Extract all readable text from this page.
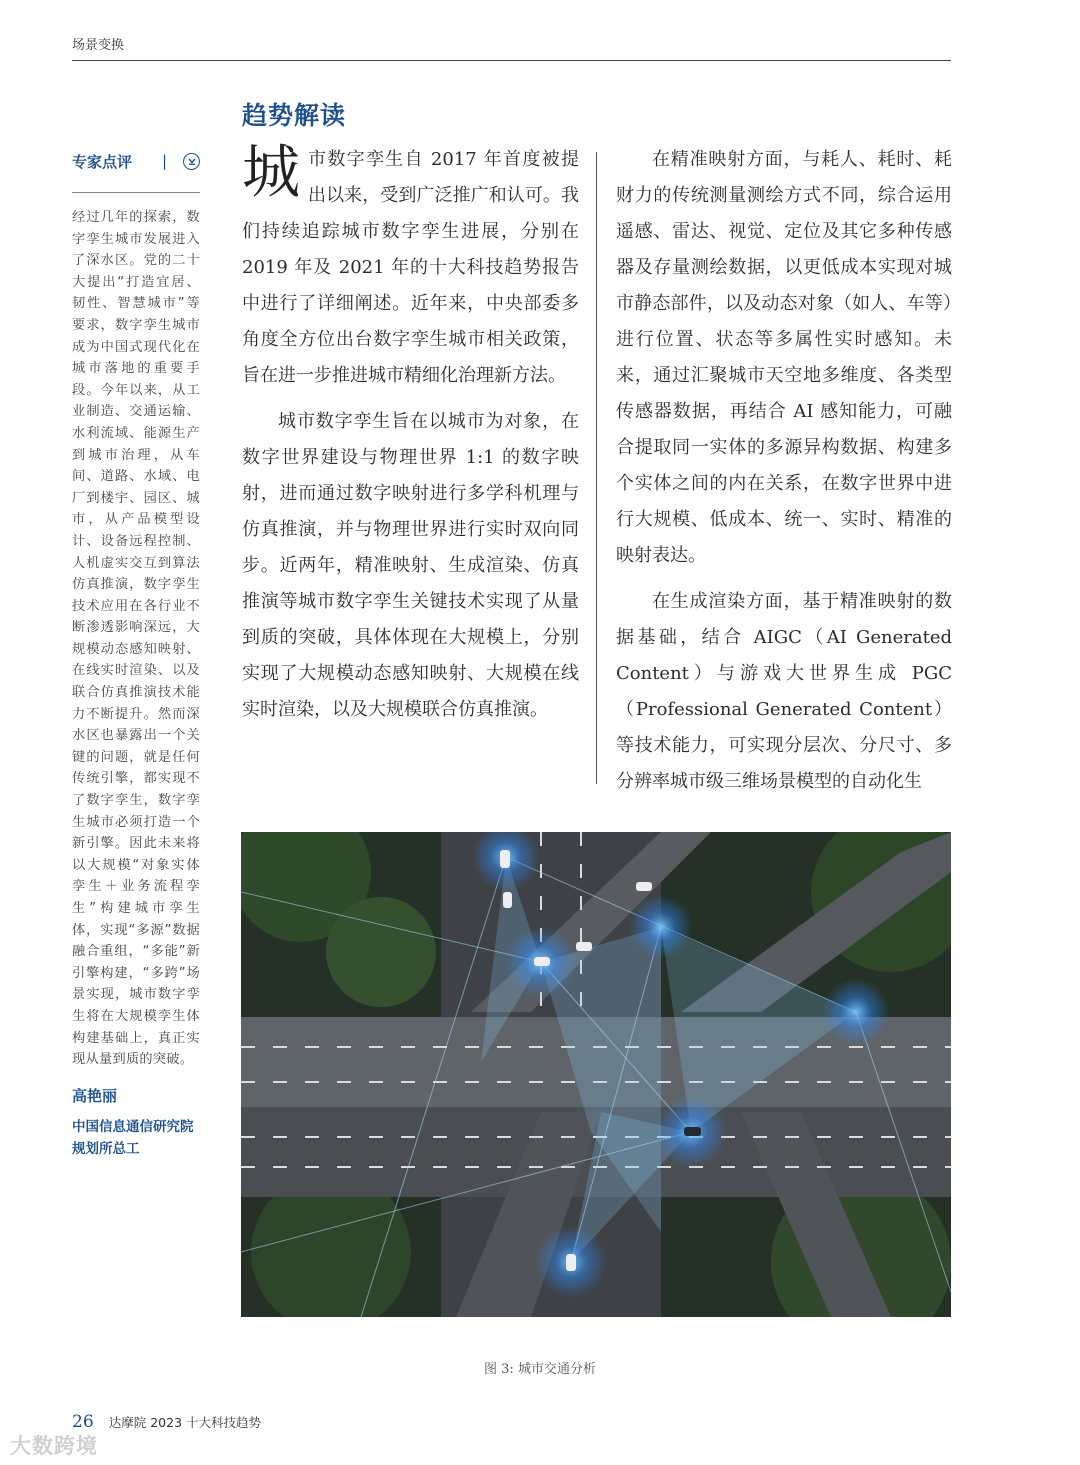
场景变换
趋势解读
专家点评 |
经过几年的探索，数字孪生城市发展进入了深水区。党的二十大提出“打造宜居、韧性、智慧城市”等要求，数字孪生城市成为中国式现代化在城市落地的重要手段。今年以来，从工业制造、交通运输、水利流域、能源生产到城市治理，从车间、道路、水域、电厂到楼宇、园区、城市，从产品模型设计、设备远程控制、人机虚实交互到算法仿真推演，数字孪生技术应用在各行业不断渗透影响深远，大规模动态感知映射、在线实时渲染、以及联合仿真推演技术能力不断提升。然而深水区也暴露出一个关键的问题，就是任何传统引擎，都实现不了数字孪生，数字孪生城市必须打造一个新引擎。因此未来将以大规模“对象实体孪生＋业务流程孪生”构建城市孪生体，实现“多源”数据融合重组，“多能”新引擎构建，“多跨”场景实现，城市数字孪生将在大规模孪生体构建基础上，真正实现从量到质的突破。
高艳丽
中国信息通信研究院规划所总工

城市数字孪生自 2017 年首度被提出以来，受到广泛推广和认可。我们持续追踪城市数字孪生进展，分别在 2019 年及 2021 年的十大科技趋势报告中进行了详细阐述。近年来，中央部委多角度全方位出台数字孪生城市相关政策，旨在进一步推进城市精细化治理新方法。

城市数字孪生旨在以城市为对象，在数字世界建设与物理世界 1:1 的数字映射，进而通过数字映射进行多学科机理与仿真推演，并与物理世界进行实时双向同步。近两年，精准映射、生成渲染、仿真推演等城市数字孪生关键技术实现了从量到质的突破，具体体现在大规模上，分别实现了大规模动态感知映射、大规模在线实时渲染，以及大规模联合仿真推演。

在精准映射方面，与耗人、耗时、耗财力的传统测量测绘方式不同，综合运用遥感、雷达、视觉、定位及其它多种传感器及存量测绘数据，以更低成本实现对城市静态部件，以及动态对象（如人、车等）进行位置、状态等多属性实时感知。未来，通过汇聚城市天空地多维度、各类型传感器数据，再结合 AI 感知能力，可融合提取同一实体的多源异构数据、构建多个实体之间的内在关系，在数字世界中进行大规模、低成本、统一、实时、精准的映射表达。

在生成渲染方面，基于精准映射的数据基础，结合 AIGC（AI Generated Content）与游戏大世界生成 PGC（Professional Generated Content）等技术能力，可实现分层次、分尺寸、多分辨率城市级三维场景模型的自动化生

图 3: 城市交通分析
26 达摩院 2023 十大科技趋势
大数跨境
